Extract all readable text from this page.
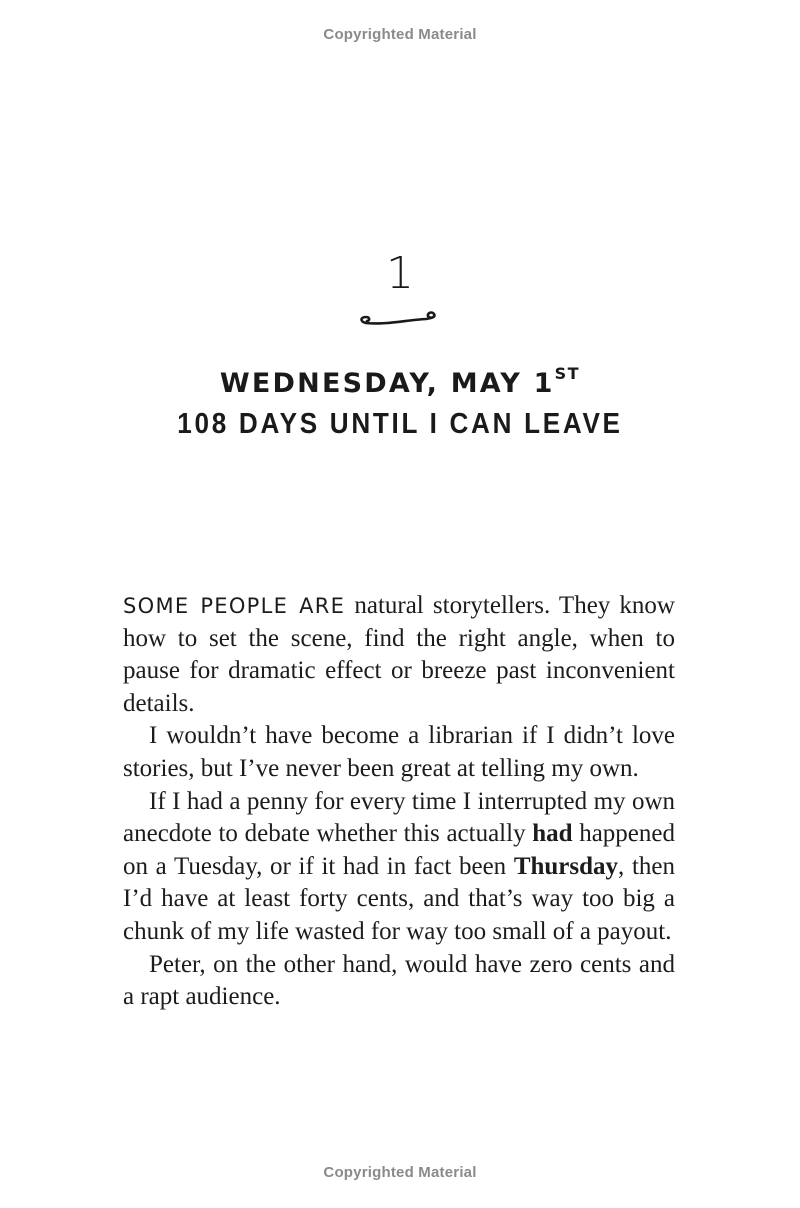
Copyrighted Material
1
WEDNESDAY, MAY 1ST
108 DAYS UNTIL I CAN LEAVE

SOME PEOPLE ARE natural storytellers. They know how to set the scene, find the right angle, when to pause for dramatic effect or breeze past inconvenient details.

I wouldn’t have become a librarian if I didn’t love stories, but I’ve never been great at telling my own.

If I had a penny for every time I interrupted my own anecdote to debate whether this actually had happened on a Tuesday, or if it had in fact been Thursday, then I’d have at least forty cents, and that’s way too big a chunk of my life wasted for way too small of a payout.

Peter, on the other hand, would have zero cents and a rapt audience.

Copyrighted Material
